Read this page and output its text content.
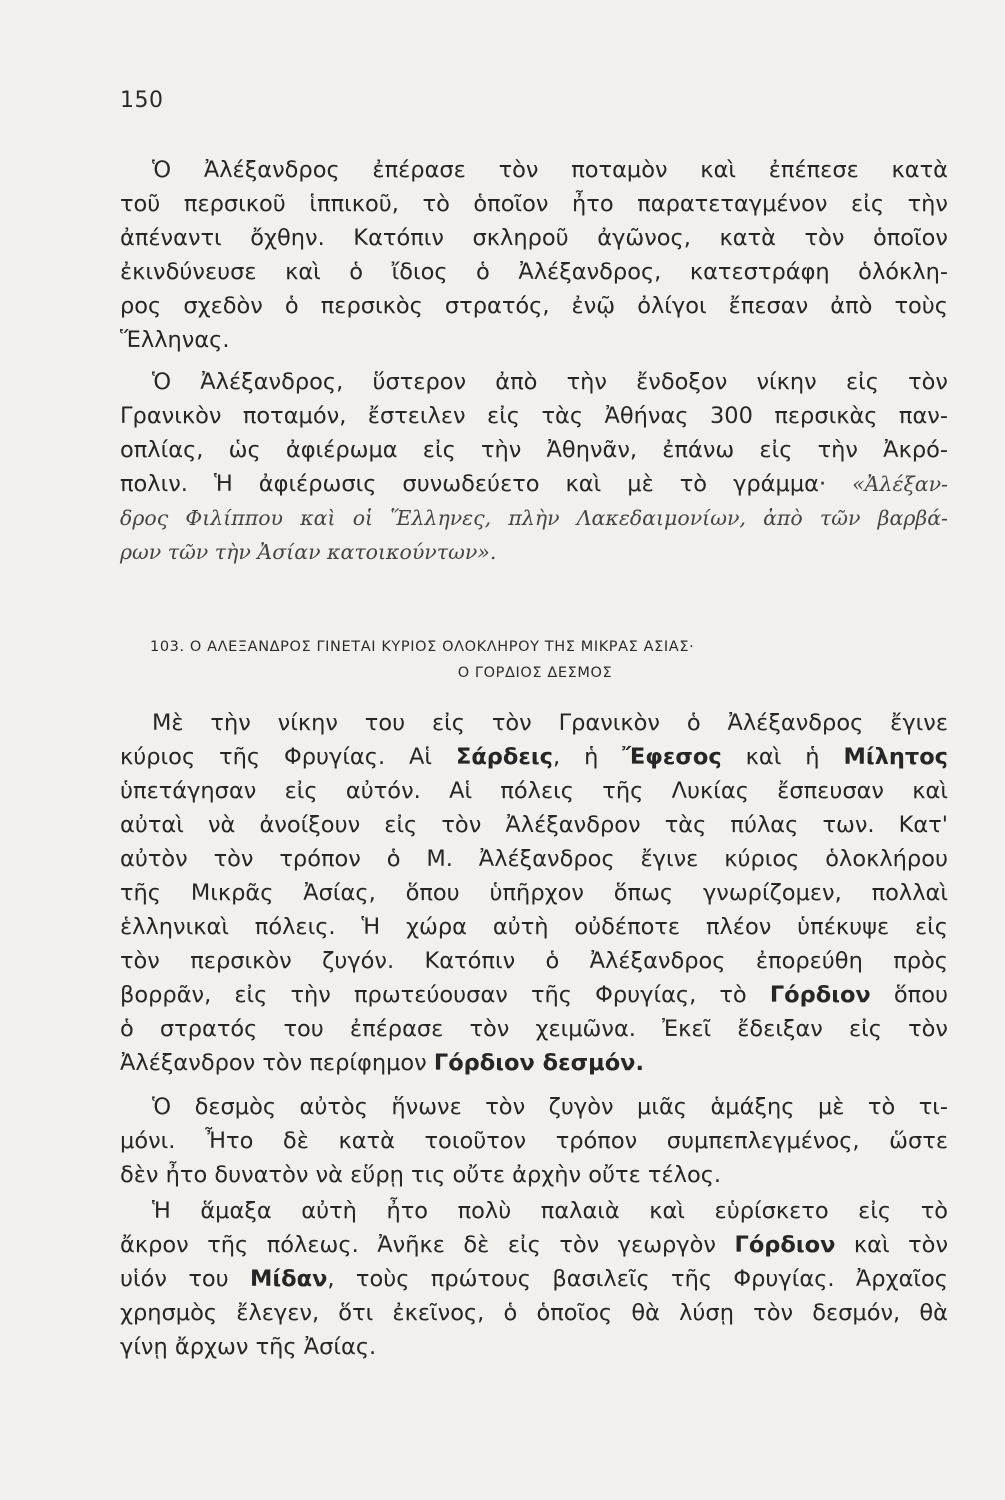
150
Ὁ Ἀλέξανδρος ἐπέρασε τὸν ποταμὸν καὶ ἐπέπεσε κατὰ
τοῦ περσικοῦ ἱππικοῦ, τὸ ὁποῖον ἦτο παρατεταγμένον εἰς τὴν
ἀπέναντι ὄχθην. Κατόπιν σκληροῦ ἀγῶνος, κατὰ τὸν ὁποῖον
ἐκινδύνευσε καὶ ὁ ἴδιος ὁ Ἀλέξανδρος, κατεστράφη ὁλόκλη-
ρος σχεδὸν ὁ περσικὸς στρατός, ἐνῷ ὀλίγοι ἔπεσαν ἀπὸ τοὺς
Ἕλληνας.
Ὁ Ἀλέξανδρος, ὕστερον ἀπὸ τὴν ἔνδοξον νίκην εἰς τὸν
Γρανικὸν ποταμόν, ἔστειλεν εἰς τὰς Ἀθήνας 300 περσικὰς παν-
οπλίας, ὡς ἀφιέρωμα εἰς τὴν Ἀθηνᾶν, ἐπάνω εἰς τὴν Ἀκρό-
πολιν. Ἡ ἀφιέρωσις συνωδεύετο καὶ μὲ τὸ γράμμα· «Ἀλέξαν-
δρος Φιλίππου καὶ οἱ Ἕλληνες, πλὴν Λακεδαιμονίων, ἀπὸ τῶν βαρβά-
ρων τῶν τὴν Ἀσίαν κατοικούντων».
103. Ο ΑΛΕΞΑΝΔΡΟΣ ΓΙΝΕΤΑΙ ΚΥΡΙΟΣ ΟΛΟΚΛΗΡΟΥ ΤΗΣ ΜΙΚΡΑΣ ΑΣΙΑΣ·
Ο ΓΟΡΔΙΟΣ ΔΕΣΜΟΣ
Μὲ τὴν νίκην του εἰς τὸν Γρανικὸν ὁ Ἀλέξανδρος ἔγινε
κύριος τῆς Φρυγίας. Αἱ Σάρδεις, ἡ Ἔφεσος καὶ ἡ Μίλητος
ὑπετάγησαν εἰς αὐτόν. Αἱ πόλεις τῆς Λυκίας ἔσπευσαν καὶ
αὐταὶ νὰ ἀνοίξουν εἰς τὸν Ἀλέξανδρον τὰς πύλας των. Κατ'
αὐτὸν τὸν τρόπον ὁ Μ. Ἀλέξανδρος ἔγινε κύριος ὁλοκλήρου
τῆς Μικρᾶς Ἀσίας, ὅπου ὑπῆρχον ὅπως γνωρίζομεν, πολλαὶ
ἑλληνικαὶ πόλεις. Ἡ χώρα αὐτὴ οὐδέποτε πλέον ὑπέκυψε εἰς
τὸν περσικὸν ζυγόν. Κατόπιν ὁ Ἀλέξανδρος ἐπορεύθη πρὸς
βορρᾶν, εἰς τὴν πρωτεύουσαν τῆς Φρυγίας, τὸ Γόρδιον ὅπου
ὁ στρατός του ἐπέρασε τὸν χειμῶνα. Ἐκεῖ ἔδειξαν εἰς τὸν
Ἀλέξανδρον τὸν περίφημον Γόρδιον δεσμόν.
Ὁ δεσμὸς αὐτὸς ἥνωνε τὸν ζυγὸν μιᾶς ἁμάξης μὲ τὸ τι-
μόνι. Ἦτο δὲ κατὰ τοιοῦτον τρόπον συμπεπλεγμένος, ὥστε
δὲν ἦτο δυνατὸν νὰ εὕρῃ τις οὔτε ἀρχὴν οὔτε τέλος.
Ἡ ἅμαξα αὐτὴ ἦτο πολὺ παλαιὰ καὶ εὑρίσκετο εἰς τὸ
ἄκρον τῆς πόλεως. Ἀνῆκε δὲ εἰς τὸν γεωργὸν Γόρδιον καὶ τὸν
υἱόν του Μίδαν, τοὺς πρώτους βασιλεῖς τῆς Φρυγίας. Ἀρχαῖος
χρησμὸς ἔλεγεν, ὅτι ἐκεῖνος, ὁ ὁποῖος θὰ λύσῃ τὸν δεσμόν, θὰ
γίνῃ ἄρχων τῆς Ἀσίας.
